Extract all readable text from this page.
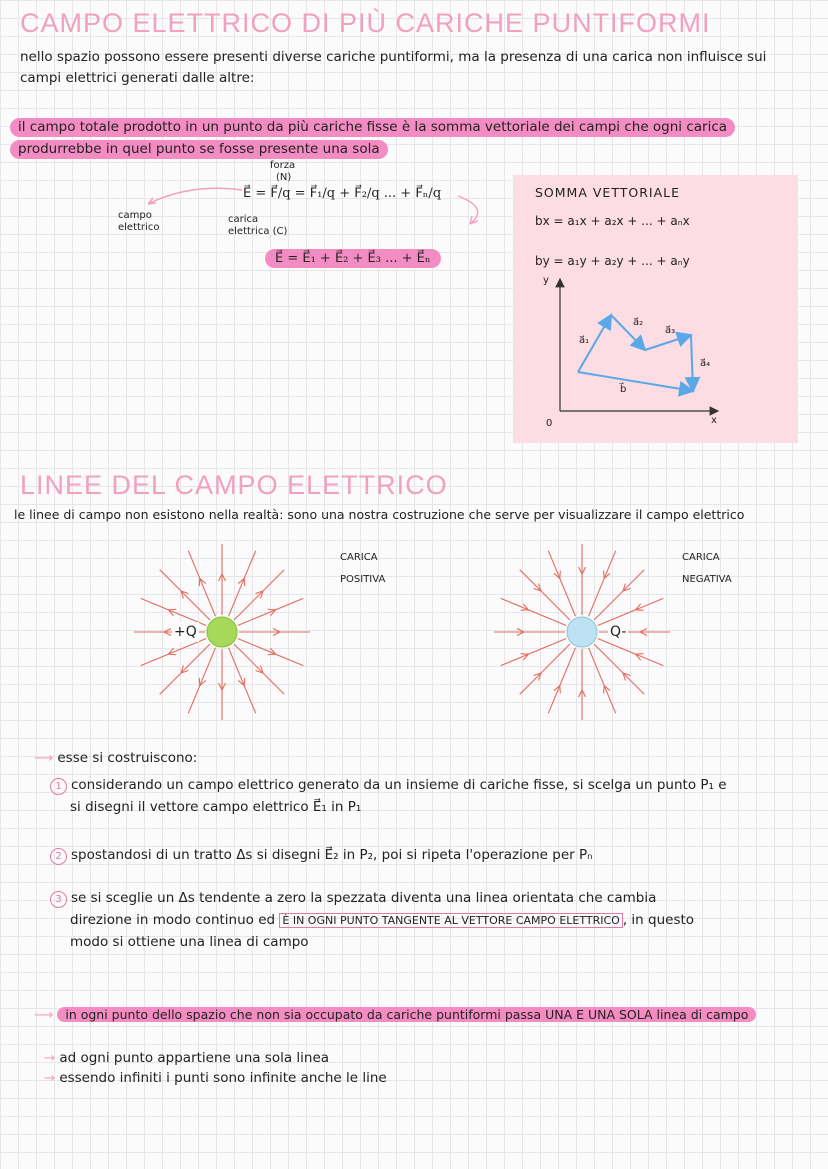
CAMPO ELETTRICO DI PIÙ CARICHE PUNTIFORMI
nello spazio possono essere presenti diverse cariche puntiformi, ma la presenza di una carica non influisce sui
campi elettrici generati dalle altre:
il campo totale prodotto in un punto da più cariche fisse è la somma vettoriale dei campi che ogni carica
produrrebbe in quel punto se fosse presente una sola
forza
(N)
E⃗ = F⃗/q = F⃗₁/q + F⃗₂/q ... + F⃗ₙ/q
campo
elettrico
carica
elettrica (C)
E⃗ = E⃗₁ + E⃗₂ + E⃗₃ ... + E⃗ₙ
SOMMA VETTORIALE
bx = a₁x + a₂x + ... + aₙx
by = a₁y + a₂y + ... + aₙy
y
x
0
a⃗₁
a⃗₂
a⃗₃
a⃗₄
b⃗
LINEE DEL CAMPO ELETTRICO
le linee di campo non esistono nella realtà: sono una nostra costruzione che serve per visualizzare il campo elettrico
+Q	Q-
CARICA
POSITIVA
CARICA
NEGATIVA
⟶ esse si costruiscono:
1 considerando un campo elettrico generato da un insieme di cariche fisse, si scelga un punto P₁ e
si disegni il vettore campo elettrico E⃗₁ in P₁
2 spostandosi di un tratto Δs si disegni E⃗₂ in P₂, poi si ripeta l'operazione per Pₙ
3 se si sceglie un Δs tendente a zero la spezzata diventa una linea orientata che cambia
direzione in modo continuo ed È IN OGNI PUNTO TANGENTE AL VETTORE CAMPO ELETTRICO , in questo
modo si ottiene una linea di campo
⟶ in ogni punto dello spazio che non sia occupato da cariche puntiformi passa UNA E UNA SOLA linea di campo
→ ad ogni punto appartiene una sola linea
→ essendo infiniti i punti sono infinite anche le line
